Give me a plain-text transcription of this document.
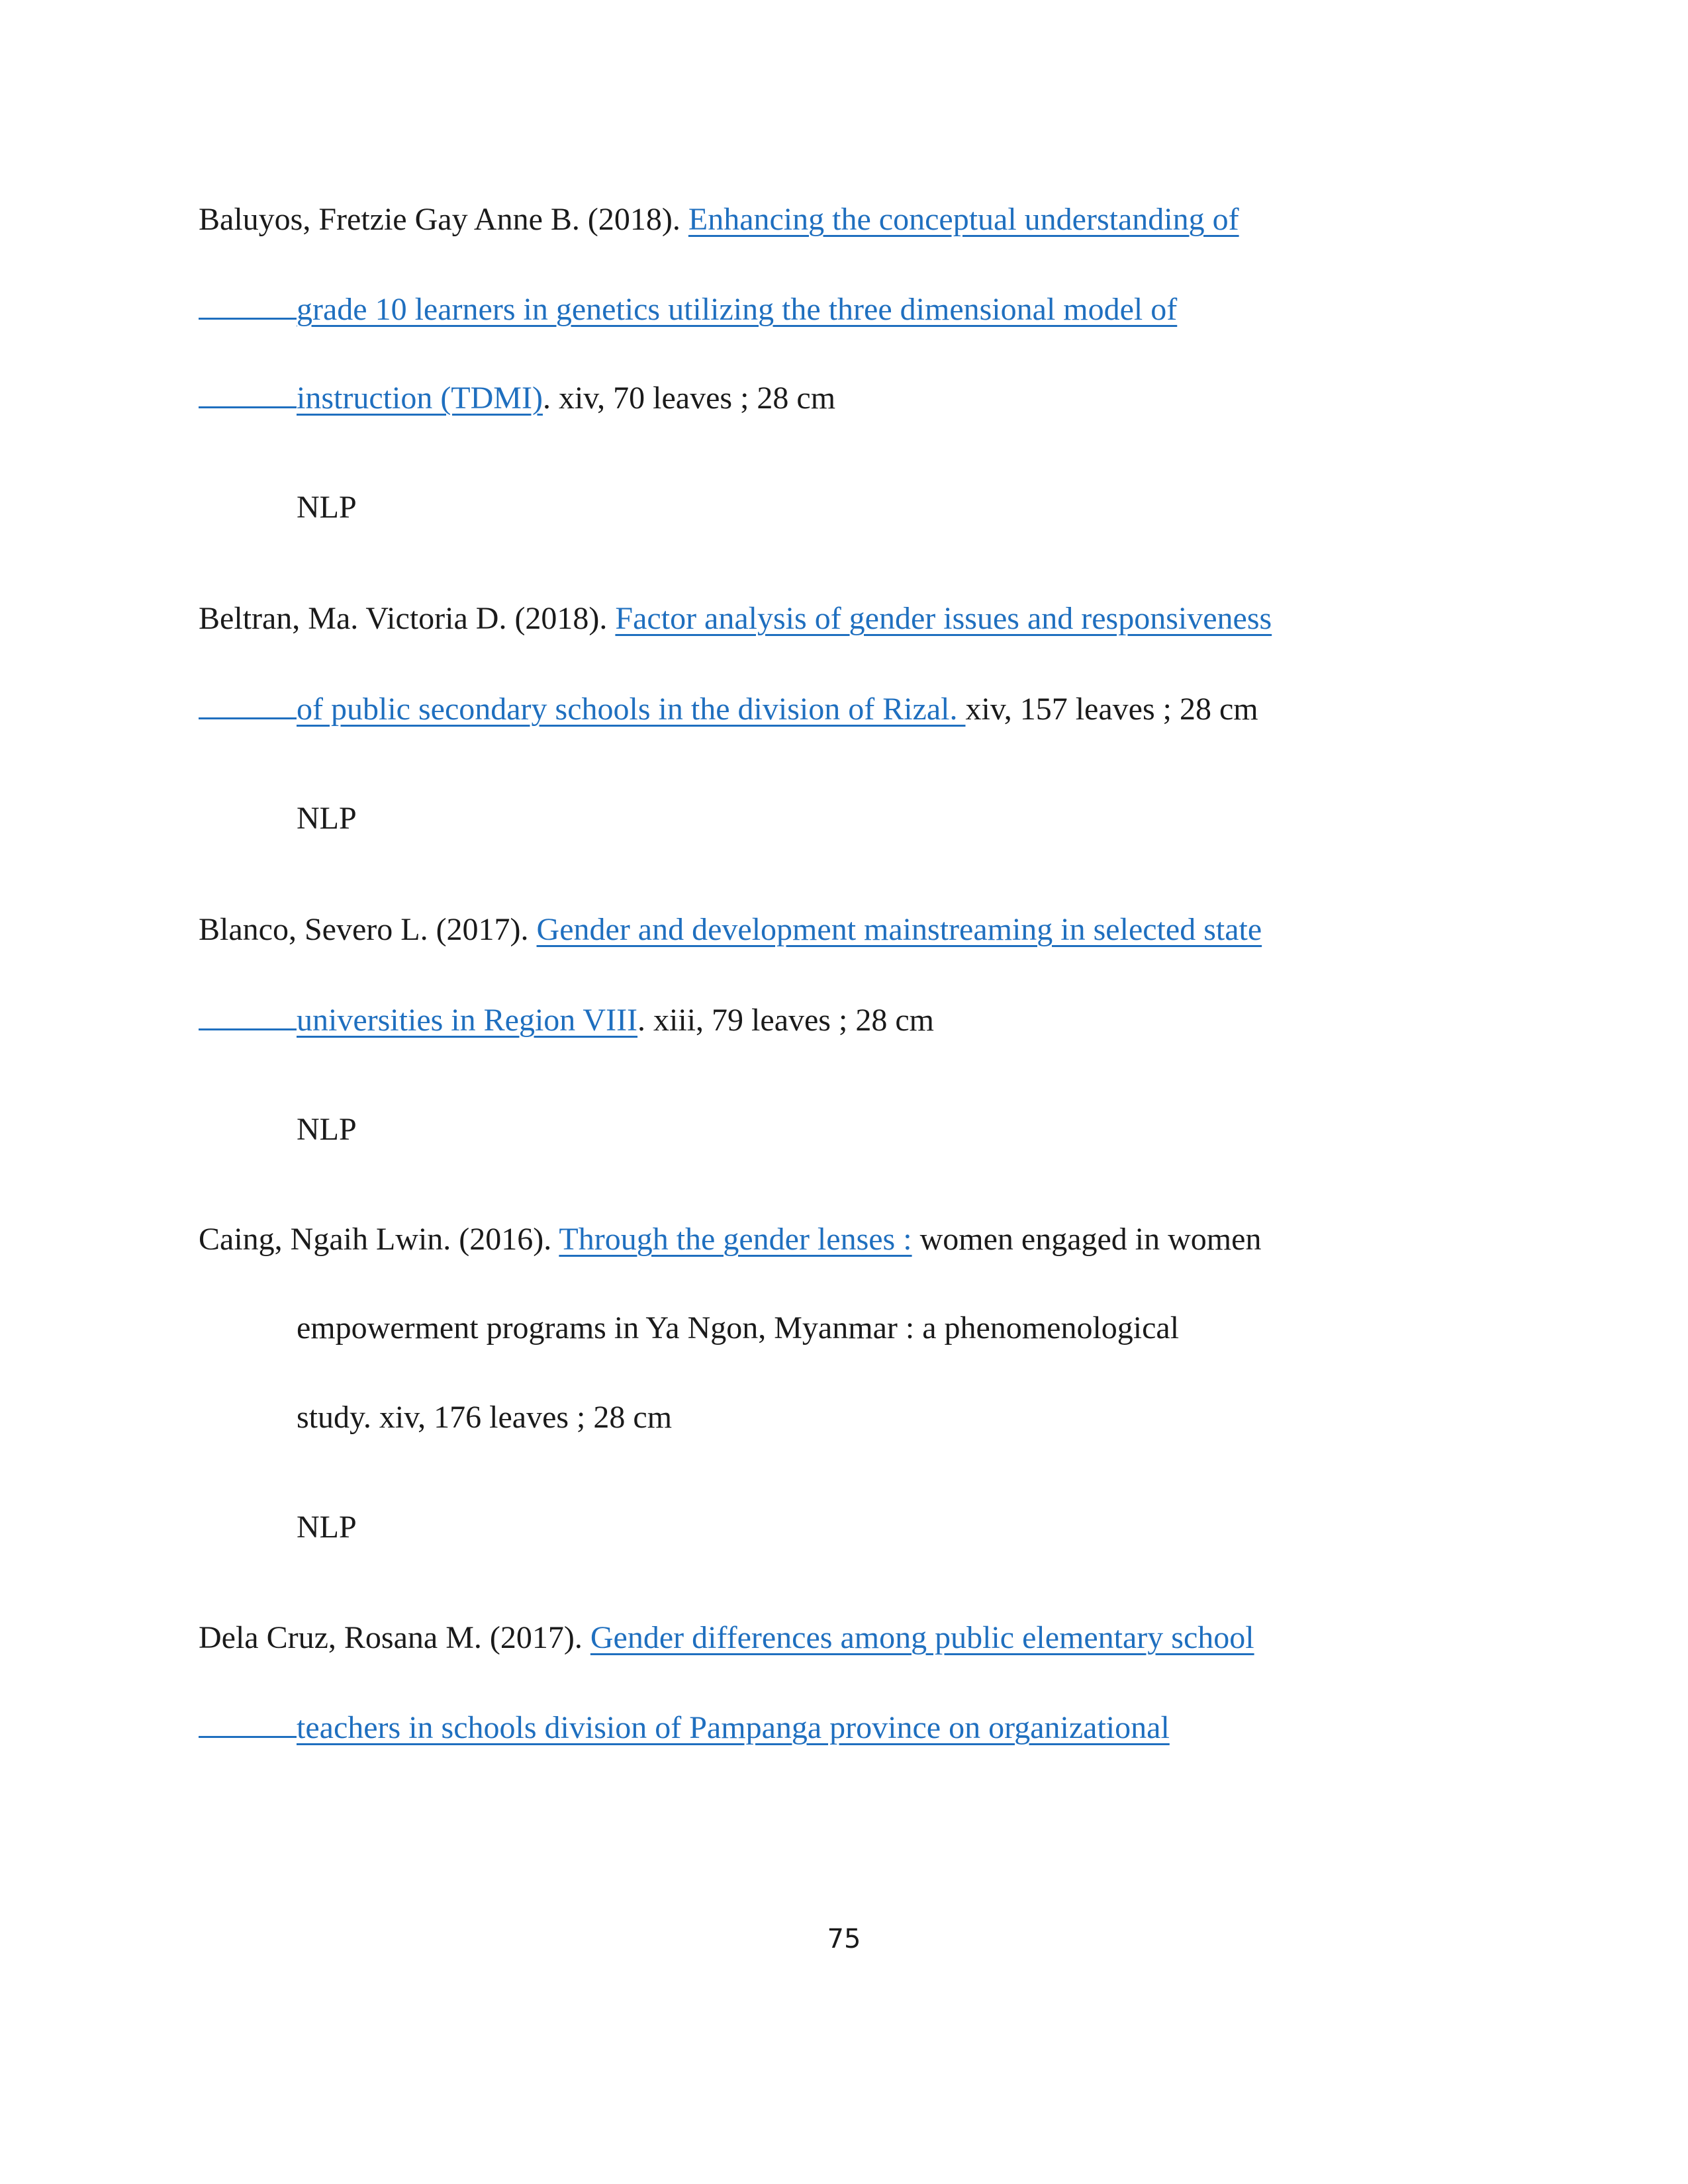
Baluyos, Fretzie Gay Anne B. (2018). Enhancing the conceptual understanding of
grade 10 learners in genetics utilizing the three dimensional model of
instruction (TDMI). xiv, 70 leaves ; 28 cm
NLP
Beltran, Ma. Victoria D. (2018). Factor analysis of gender issues and responsiveness
of public secondary schools in the division of Rizal. xiv, 157 leaves ; 28 cm
NLP
Blanco, Severo L. (2017). Gender and development mainstreaming in selected state
universities in Region VIII. xiii, 79 leaves ; 28 cm
NLP
Caing, Ngaih Lwin. (2016). Through the gender lenses : women engaged in women
empowerment programs in Ya Ngon, Myanmar : a phenomenological
study. xiv, 176 leaves ; 28 cm
NLP
Dela Cruz, Rosana M. (2017). Gender differences among public elementary school
teachers in schools division of Pampanga province on organizational
75
